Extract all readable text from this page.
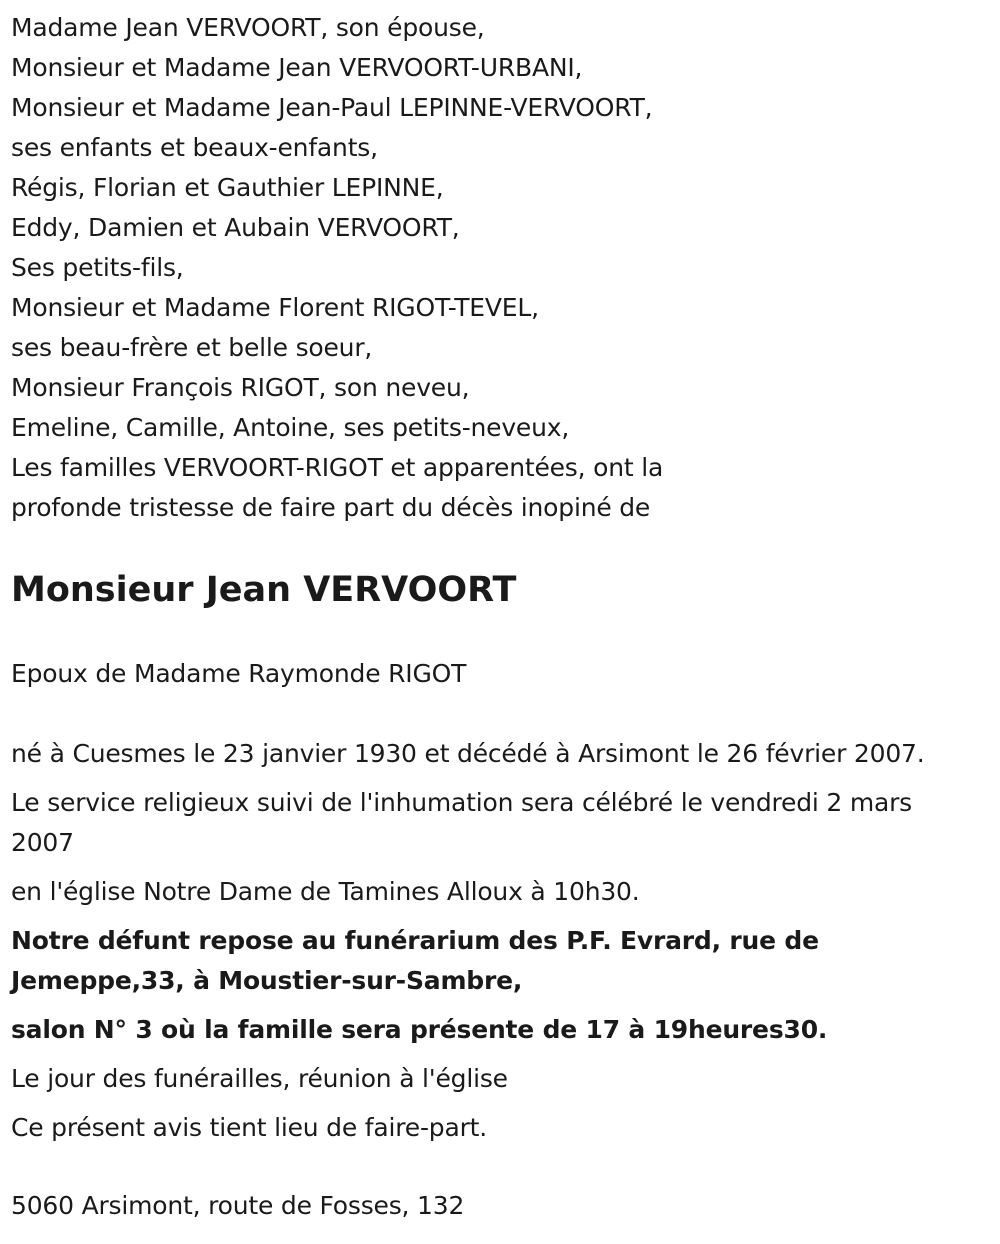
Madame Jean VERVOORT, son épouse,
Monsieur et Madame Jean VERVOORT-URBANI,
Monsieur et Madame Jean-Paul LEPINNE-VERVOORT,
ses enfants et beaux-enfants,
Régis, Florian et Gauthier LEPINNE,
Eddy, Damien et Aubain VERVOORT,
Ses petits-fils,
Monsieur et Madame Florent RIGOT-TEVEL,
ses beau-frère et belle soeur,
Monsieur François RIGOT, son neveu,
Emeline, Camille, Antoine, ses petits-neveux,
Les familles VERVOORT-RIGOT et apparentées, ont la
profonde tristesse de faire part du décès inopiné de
Monsieur Jean VERVOORT
Epoux de Madame Raymonde RIGOT
né à Cuesmes le 23 janvier 1930 et décédé à Arsimont le 26 février 2007.
Le service religieux suivi de l'inhumation sera célébré le vendredi 2 mars
2007
en l'église Notre Dame de Tamines Alloux à 10h30.
Notre défunt repose au funérarium des P.F. Evrard, rue de
Jemeppe,33, à Moustier-sur-Sambre,
salon N° 3 où la famille sera présente de 17 à 19heures30.
Le jour des funérailles, réunion à l'église
Ce présent avis tient lieu de faire-part.
5060 Arsimont, route de Fosses, 132
